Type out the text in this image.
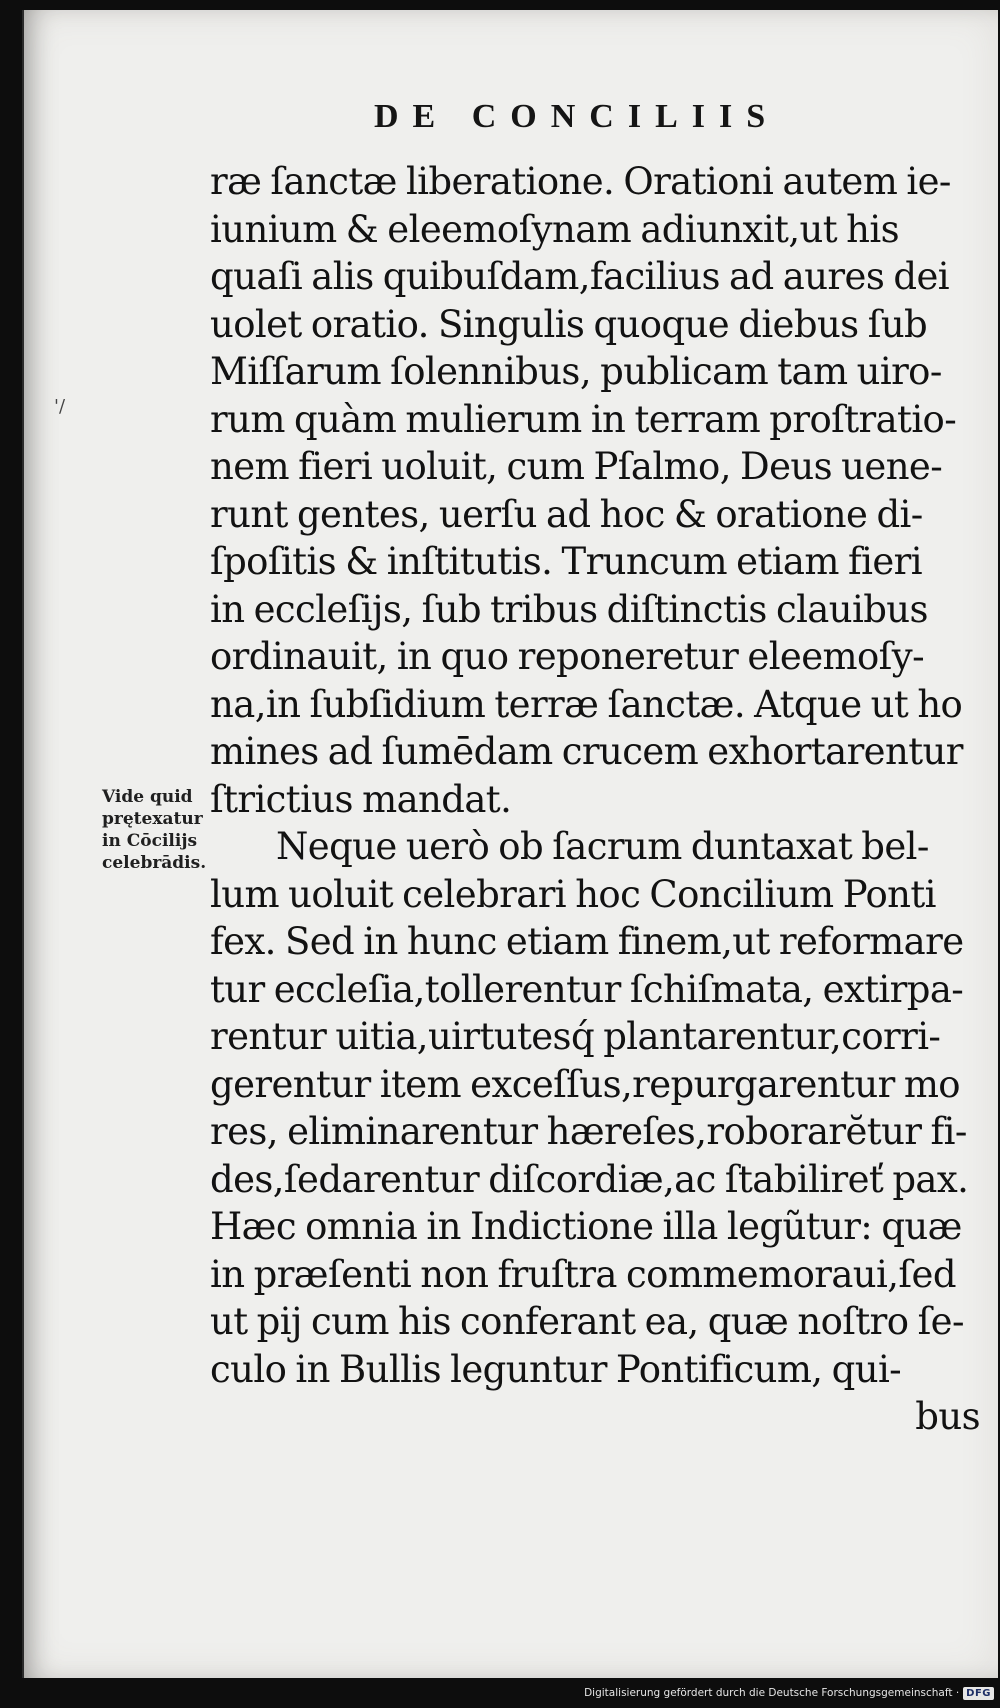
DE CONCILIIS
'/
ræ ſanctæ liberatione. Orationi autem ie-
iunium & eleemoſynam adiunxit,ut his
quaſi alis quibuſdam,facilius ad aures dei
uolet oratio. Singulis quoque diebus ſub
Miſſarum ſolennibus, publicam tam uiro-
rum quàm mulierum in terram proſtratio-
nem fieri uoluit, cum Pſalmo, Deus uene-
runt gentes, uerſu ad hoc & oratione di-
ſpoſitis & inſtitutis. Truncum etiam fieri
in eccleſijs, ſub tribus diſtinctis clauibus
ordinauit, in quo reponeretur eleemoſy-
na,in ſubſidium terræ ſanctæ. Atque ut ho
mines ad ſumēdam crucem exhortarentur
ſtrictius mandat.
Neque uerò ob ſacrum duntaxat bel-
lum uoluit celebrari hoc Concilium Ponti
fex. Sed in hunc etiam finem,ut reformare
tur eccleſia,tollerentur ſchiſmata, extirpa-
rentur uitia,uirtutesq́ plantarentur,corri-
gerentur item exceſſus,repurgarentur mo
res, eliminarentur hæreſes,roborarĕtur fi-
des,ſedarentur diſcordiæ,ac ſtabilireť pax.
Hæc omnia in Indictione illa legũtur: quæ
in præſenti non fruſtra commemoraui,ſed
ut pij cum his conferant ea, quæ noſtro ſe-
culo in Bullis leguntur Pontificum, qui-
bus
Vide quid
prętexatur
in Cōcilijs
celebrādis.
Digitalisierung gefördert durch die Deutsche Forschungsgemeinschaft · DFG
